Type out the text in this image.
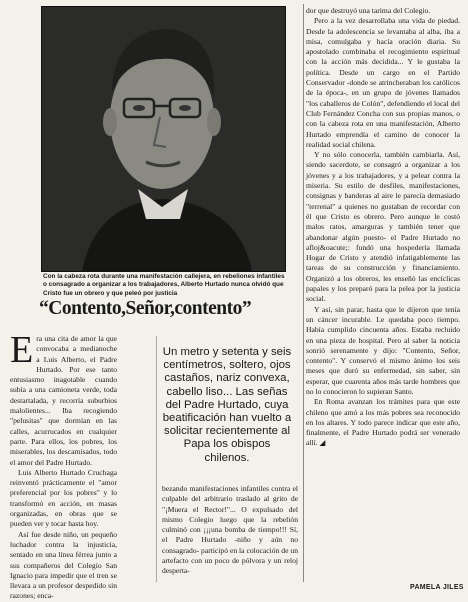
Con la cabeza rota durante una manifestación callejera, en rebeliones infantiles o consagrado a organizar a los trabajadores, Alberto Hurtado nunca olvidó que Cristo fue un obrero y que peleó por justicia

“Contento,Señor,contento”

Era una cita de amor la que convocaba a medianoche a Luis Alberto, el Padre Hurtado. Por ese tanto entusiasmo inagotable cuando subía a una camioneta verde, toda destartalada, y recorría suburbios malolientes... Iba recogiendo "pelusitas" que dormían en las calles, acurrucados en cualquier parte. Para ellos, los pobres, los miserables, los descamisados, todo el amor del Padre Hurtado.

Luis Alberto Hurtado Cruchaga reinventó prácticamente el "amor preferencial por los pobres" y lo transformó en acción, en masas organizadas, en obras que se pueden ver y tocar hasta hoy.

Así fue desde niño, un pequeño luchador contra la injusticia, sentado en una línea férrea junto a sus compañeros del Colegio San Ignacio para impedir que el tren se llevara a un profesor despedido sin razones; enca-

Un metro y setenta y seis centímetros, soltero, ojos castaños, nariz convexa, cabello liso... Las señas del Padre Hurtado, cuya beatificación han vuelto a solicitar recientemente al Papa los obispos chilenos.

bezando manifestaciones infantiles contra el culpable del arbitrario traslado al grito de "¡Muera el Rector!"... O expulsado del mismo Colegio luego que la rebelión culminó con ¡¡¡una bomba de tiempo!!! Sí, el Padre Hurtado -niño y aún no consagrado- participó en la colocación de un artefacto con un poco de pólvora y un reloj desperta-

dor que destruyó una tarima del Colegio.

Pero a la vez desarrollaba una vida de piedad. Desde la adolescencia se levantaba al alba, iba a misa, comulgaba y hacía oración diaria. Su apostolado combinaba el recogimiento espiritual con la acción más decidida... Y le gustaba la política. Desde un cargo en el Partido Conservador -donde se atrincheraban los católicos de la época-, en un grupo de jóvenes llamados "los caballeros de Colón", defendiendo el local del Club Fernández Concha con sus propias manos, o con la cabeza rota en una manifestación, Alberto Hurtado emprendía el camino de conocer la realidad social chilena.

Y no sólo conocerla, también cambiarla. Así, siendo sacerdote, se consagró a organizar a los jóvenes y a los trabajadores, y a pelear contra la miseria. Su estilo de desfiles, manifestaciones, consignas y banderas al aire le parecía demasiado "terrenal" a quienes no gustaban de recordar con él que Cristo es obrero. Pero aunque le costó malos ratos, amarguras y también tener que abandonar algún puesto- el Padre Hurtado no afloj&oacute;: fundó una hospedería llamada Hogar de Cristo y atendió infatigablemente las tareas de su construcción y financiamiento. Organizó a los obreros, les enseñó las encíclicas papales y los preparó para la pelea por la justicia social.

Y así, sin parar, hasta que le dijeron que tenía un cáncer incurable. Le quedaba poco tiempo. Había cumplido cincuenta años. Estaba recluido en una pieza de hospital. Pero al saber la noticia sonrió serenamente y dijo: "Contento, Señor, contento". Y conservó el mismo ánimo los seis meses que duró su enfermedad, sin saber, sin esperar, que cuarenta años más tarde hombres que no lo conocieron lo supieran Santo.

En Roma avanzan los trámites para que este chileno que amó a los más pobres sea reconocido en los altares. Y todo parece indicar que este año, finalmente, el Padre Hurtado podrá ser venerado allí. ◢

PAMELA JILES
